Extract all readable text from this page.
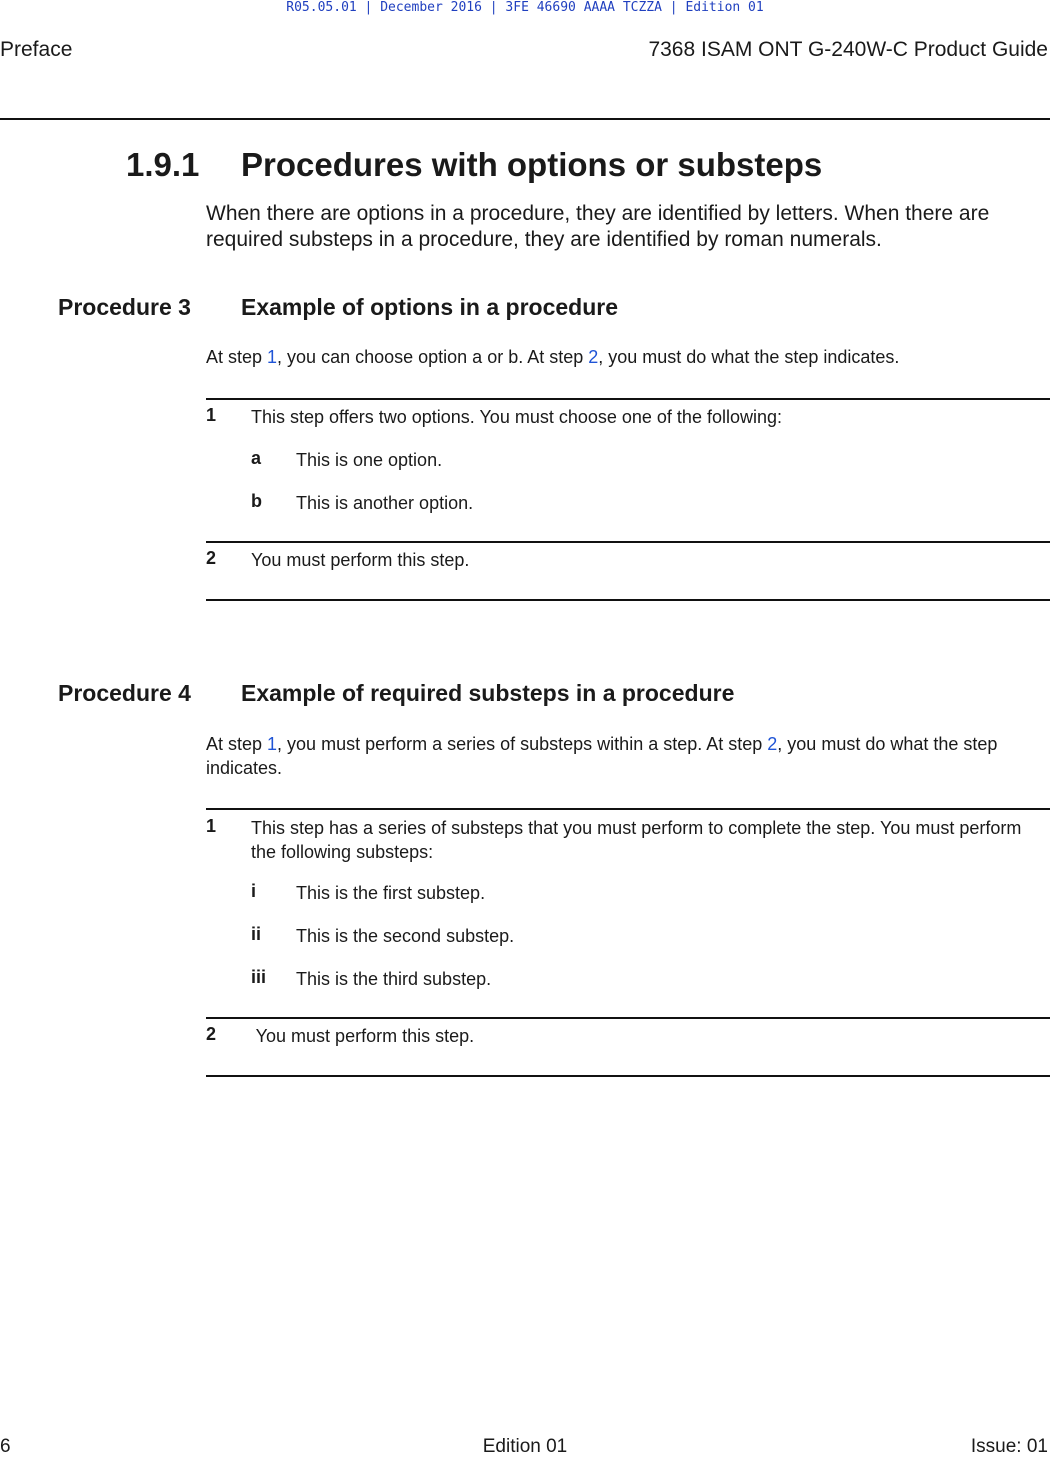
R05.05.01 | December 2016 | 3FE 46690 AAAA TCZZA | Edition 01
Preface	7368 ISAM ONT G-240W-C Product Guide
1.9.1 Procedures with options or substeps
When there are options in a procedure, they are identified by letters. When there are required substeps in a procedure, they are identified by roman numerals.
Procedure 3 Example of options in a procedure
At step 1, you can choose option a or b. At step 2, you must do what the step indicates.
1 This step offers two options. You must choose one of the following:
a This is one option.
b This is another option.
2 You must perform this step.
Procedure 4 Example of required substeps in a procedure
At step 1, you must perform a series of substeps within a step. At step 2, you must do what the step indicates.
1 This step has a series of substeps that you must perform to complete the step. You must perform the following substeps:
i This is the first substep.
ii This is the second substep.
iii This is the third substep.
2 You must perform this step.
6	Edition 01	Issue: 01
